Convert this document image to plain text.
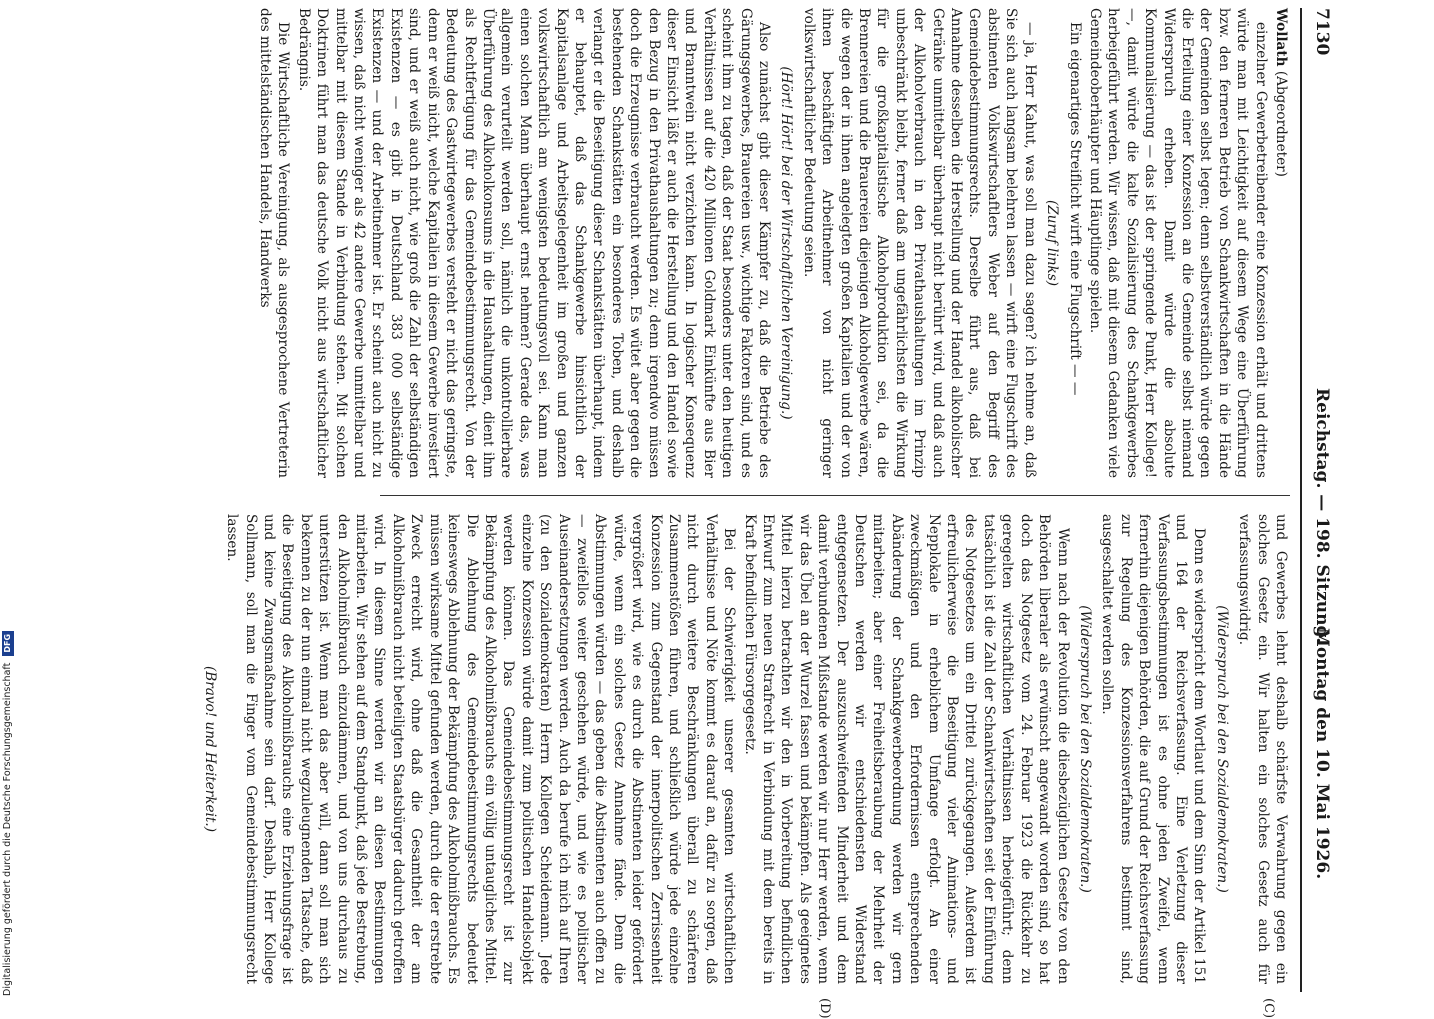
7130
Reichstag. — 198. Sitzung.
Montag den 10. Mai 1926.
(C)
(D)

Wollath (Abgeordneter)

einzelner Gewerbetreibender eine Konzession erhält und drittens würde man mit Leichtigkeit auf diesem Wege eine Überführung bzw. den ferneren Betrieb von Schankwirtschaften in die Hände der Gemeinden selbst legen; denn selbstverständlich würde gegen die Erteilung einer Konzession an die Gemeinde selbst niemand Widerspruch erheben. Damit würde die absolute Kommunalisierung — das ist der springende Punkt, Herr Kollege! —, damit würde die kalte Sozialisierung des Schankgewerbes herbeigeführt werden. Wir wissen, daß mit diesem Gedanken viele Gemeindeoberhäupter und Häuptlinge spielen.

Ein eigenartiges Streiflicht wirft eine Flugschrift — —

(Zuruf links)

— ja, Herr Kahut, was soll man dazu sagen? ich nehme an, daß Sie sich auch langsam belehren lassen — wirft eine Flugschrift des abstinenten Volkswirtschaftlers Weber auf den Begriff des Gemeindebestimmungsrechts. Derselbe führt aus, daß bei Annahme desselben die Herstellung und der Handel alkoholischer Getränke unmittelbar überhaupt nicht berührt wird, und daß auch der Alkoholverbrauch in den Privathaushaltungen im Prinzip unbeschränkt bleibt, ferner daß am ungefährlichsten die Wirkung für die großkapitalistische Alkoholproduktion sei, da die Brennereien und die Brauereien diejenigen Alkoholgewerbe wären, die wegen der in ihnen angelegten großen Kapitalien und der von ihnen beschäftigten Arbeitnehmer von nicht geringer volkswirtschaftlicher Bedeutung seien.

(Hört! Hört! bei der Wirtschaftlichen Vereinigung.)

Also zunächst gibt dieser Kämpfer zu, daß die Betriebe des Gärungsgewerbes, Brauereien usw., wichtige Faktoren sind, und es scheint ihm zu tagen, daß der Staat besonders unter den heutigen Verhältnissen auf die 420 Millionen Goldmark Einkünfte aus Bier und Branntwein nicht verzichten kann. In logischer Konsequenz dieser Einsicht läßt er auch die Herstellung und den Handel sowie den Bezug in den Privathaushaltungen zu; denn irgendwo müssen doch die Erzeugnisse verbraucht werden. Es wütet aber gegen die bestehenden Schankstätten ein besonderes Toben, und deshalb verlangt er die Beseitigung dieser Schankstätten überhaupt, indem er behauptet, daß das Schankgewerbe hinsichtlich der Kapitalsanlage und Arbeitsgelegenheit im großen und ganzen volkswirtschaftlich am wenigsten bedeutungsvoll sei. Kann man einen solchen Mann überhaupt ernst nehmen? Gerade das, was allgemein verurteilt werden soll, nämlich die unkontrollierbare Überführung des Alkoholkonsums in die Haushaltungen, dient ihm als Rechtfertigung für das Gemeindebestimmungsrecht. Von der Bedeutung des Gastwirtegewerbes versteht er nicht das geringste, denn er weiß nicht, welche Kapitalien in diesem Gewerbe investiert sind, und er weiß auch nicht, wie groß die Zahl der selbständigen Existenzen — es gibt in Deutschland 383 000 selbständige Existenzen — und der Arbeitnehmer ist. Er scheint auch nicht zu wissen, daß nicht weniger als 42 andere Gewerbe unmittelbar und mittelbar mit diesem Stande in Verbindung stehen. Mit solchen Doktrinen führt man das deutsche Volk nicht aus wirtschaftlicher Bedrängnis.

Die Wirtschaftliche Vereinigung, als ausgesprochene Vertreterin des mittelständischen Handels, Handwerks

und Gewerbes lehnt deshalb schärfste Verwahrung gegen ein solches Gesetz ein. Wir halten ein solches Gesetz auch für verfassungswidrig.

(Widerspruch bei den Sozialdemokraten.)

Denn es widerspricht dem Wortlaut und dem Sinn der Artikel 151 und 164 der Reichsverfassung. Eine Verletzung dieser Verfassungsbestimmungen ist es ohne jeden Zweifel, wenn fernerhin diejenigen Behörden, die auf Grund der Reichsverfassung zur Regelung des Konzessionsverfahrens bestimmt sind, ausgeschaltet werden sollen.

(Widerspruch bei den Sozialdemokraten.)

Wenn nach der Revolution die diesbezüglichen Gesetze von den Behörden liberaler als erwünscht angewandt worden sind, so hat doch das Notgesetz vom 24. Februar 1923 die Rückkehr zu geregelten wirtschaftlichen Verhältnissen herbeigeführt; denn tatsächlich ist die Zahl der Schankwirtschaften seit der Einführung des Notgesetzes um ein Drittel zurückgegangen. Außerdem ist erfreulicherweise die Beseitigung vieler Animations- und Nepplokale in erheblichem Umfange erfolgt. An einer zweckmäßigen und den Erfordernissen entsprechenden Abänderung der Schankgewerbeordnung werden wir gern mitarbeiten; aber einer Freiheitsberaubung der Mehrheit der Deutschen werden wir entschiedensten Widerstand entgegensetzen. Der auszuschweifenden Minderheit und dem damit verbundenen Mißstande werden wir nur Herr werden, wenn wir das Übel an der Wurzel fassen und bekämpfen. Als geeignetes Mittel hierzu betrachten wir den in Vorbereitung befindlichen Entwurf zum neuen Strafrecht in Verbindung mit dem bereits in Kraft befindlichen Fürsorgegesetz.

Bei der Schwierigkeit unserer gesamten wirtschaftlichen Verhältnisse und Nöte kommt es darauf an, dafür zu sorgen, daß nicht durch weitere Beschränkungen überall zu schärferen Zusammenstößen führen, und schließlich würde jede einzelne Konzession zum Gegenstand der innerpolitischen Zerrissenheit vergrößert wird, wie es durch die Abstinenten leider gefördert würde, wenn ein solches Gesetz Annahme fände. Denn die Abstimmungen würden — das geben die Abstinenten auch offen zu — zweifellos weiter geschehen würde, und wie es politischer Auseinandersetzungen werden. Auch da berufe ich mich auf Ihren (zu den Sozialdemokraten) Herrn Kollegen Scheidemann. Jede einzelne Konzession würde damit zum politischen Handelsobjekt werden können. Das Gemeindebestimmungsrecht ist zur Bekämpfung des Alkoholmißbrauchs ein völlig untaugliches Mittel. Die Ablehnung des Gemeindebestimmungsrechts bedeutet keineswegs Ablehnung der Bekämpfung des Alkoholmißbrauchs. Es müssen wirksame Mittel gefunden werden, durch die der erstrebte Zweck erreicht wird, ohne daß die Gesamtheit der am Alkoholmißbrauch nicht beteiligten Staatsbürger dadurch getroffen wird. In diesem Sinne werden wir an diesen Bestimmungen mitarbeiten. Wir stehen auf dem Standpunkt, daß jede Bestrebung, den Alkoholmißbrauch einzudämmen, und von uns durchaus zu unterstützen ist. Wenn man das aber will, dann soll man sich bekennen zu der nun einmal nicht wegzuleugnenden Tatsache, daß die Beseitigung des Alkoholmißbrauchs eine Erziehungsfrage ist und keine Zwangsmaßnahme sein darf. Deshalb, Herr Kollege Sollmann, soll man die Finger vom Gemeindebestimmungsrecht lassen.

(Bravo! und Heiterkeit.)

Digitalisierung gefördert durch die Deutsche Forschungsgemeinschaft DFG
